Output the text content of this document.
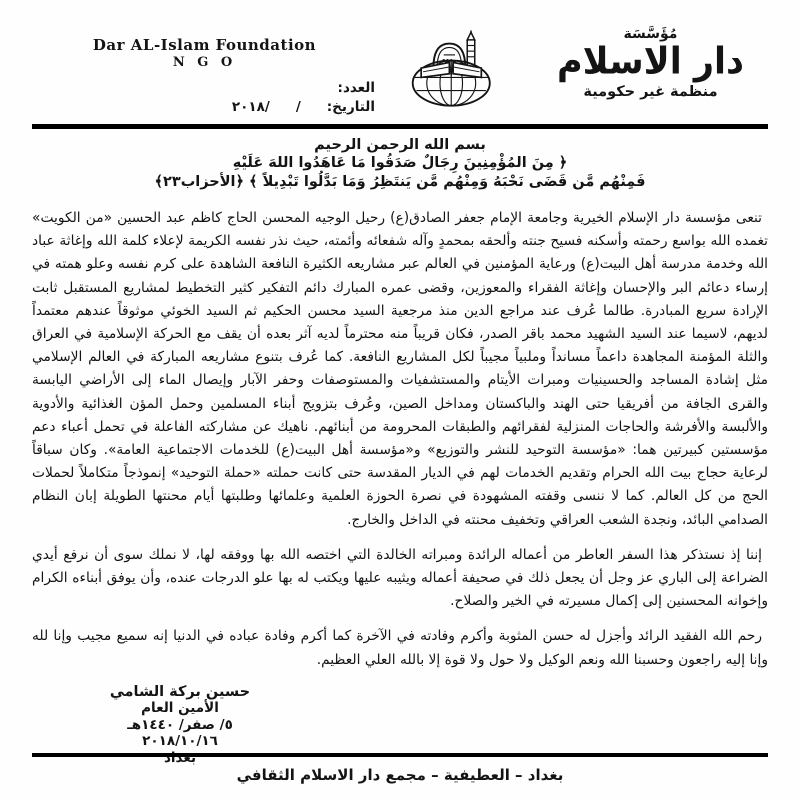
Dar AL-Islam Foundation
N G O
العدد:
التاريخ:
/
/٢٠١٨
مُؤَسَّسَة
دار الاسلام
منظمة غير حكومية
بسم الله الرحمن الرحيم
﴿ مِنَ المُؤْمِنِينَ رِجَالٌ صَدَقُوا مَا عَاهَدُوا اللهَ عَلَيْهِ
فَمِنْهُم مَّن قَضَى نَحْبَهُ وَمِنْهُم مَّن يَنتَظِرُ وَمَا بَدَّلُوا تَبْدِيلاً ﴾ ﴿الأحزاب٢٣﴾

تنعى مؤسسة دار الإسلام الخيرية وجامعة الإمام جعفر الصادق(ع) رحيل الوجيه المحسن الحاج كاظم عبد الحسين «من الكويت» تغمده الله بواسع رحمته وأسكنه فسيح جنته وألحقه بمحمدٍ وآله شفعائه وأئمته، حيث نذر نفسه الكريمة لإعلاء كلمة الله وإغاثة عباد الله وخدمة مدرسة أهل البيت(ع) ورعاية المؤمنين في العالم عبر مشاريعه الكثيرة النافعة الشاهدة على كرم نفسه وعلو همته في إرساء دعائم البر والإحسان وإغاثة الفقراء والمعوزين، وقضى عمره المبارك دائم التفكير كثير التخطيط لمشاريع المستقبل ثابت الإرادة سريع المبادرة. طالما عُرف عند مراجع الدين منذ مرجعية السيد محسن الحكيم ثم السيد الخوئي موثوقاً عندهم معتمداً لديهم، لاسيما عند السيد الشهيد محمد باقر الصدر، فكان قريباً منه محترماً لديه آثر بعده أن يقف مع الحركة الإسلامية في العراق والثلة المؤمنة المجاهدة داعماً مسانداً وملبياً مجيباً لكل المشاريع النافعة. كما عُرف بتنوع مشاريعه المباركة في العالم الإسلامي مثل إشادة المساجد والحسينيات ومبرات الأيتام والمستشفيات والمستوصفات وحفر الآبار وإيصال الماء إلى الأراضي اليابسة والقرى الجافة من أفريقيا حتى الهند والباكستان ومداخل الصين، وعُرف بتزويج أبناء المسلمين وحمل المؤن الغذائية والأدوية والألبسة والأفرشة والحاجات المنزلية لفقرائهم والطبقات المحرومة من أبنائهم. ناهيك عن مشاركته الفاعلة في تحمل أعباء دعم مؤسستين كبيرتين هما: «مؤسسة التوحيد للنشر والتوزيع» و«مؤسسة أهل البيت(ع) للخدمات الاجتماعية العامة». وكان سباقاً لرعاية حجاج بيت الله الحرام وتقديم الخدمات لهم في الديار المقدسة حتى كانت حملته «حملة التوحيد» إنموذجاً متكاملاً لحملات الحج من كل العالم. كما لا ننسى وقفته المشهودة في نصرة الحوزة العلمية وعلمائها وطلبتها أيام محنتها الطويلة إبان النظام الصدامي البائد، ونجدة الشعب العراقي وتخفيف محنته في الداخل والخارج.

إننا إذ نستذكر هذا السفر العاطر من أعماله الرائدة ومبراته الخالدة التي اختصه الله بها ووفقه لها، لا نملك سوى أن نرفع أيدي الضراعة إلى الباري عز وجل أن يجعل ذلك في صحيفة أعماله ويثيبه عليها ويكتب له بها علو الدرجات عنده، وأن يوفق أبناءه الكرام وإخوانه المحسنين إلى إكمال مسيرته في الخير والصلاح.

رحم الله الفقيد الرائد وأجزل له حسن المثوبة وأكرم وفادته في الآخرة كما أكرم وفادة عباده في الدنيا إنه سميع مجيب وإنا لله وإنا إليه راجعون وحسبنا الله ونعم الوكيل ولا حول ولا قوة إلا بالله العلي العظيم.

حسين بركة الشامي
الأمين العام
٥/ صفر/ ١٤٤٠هـ
٢٠١٨/١٠/١٦
بغداد
بغداد – العطيفية – مجمع دار الاسلام الثقافي
